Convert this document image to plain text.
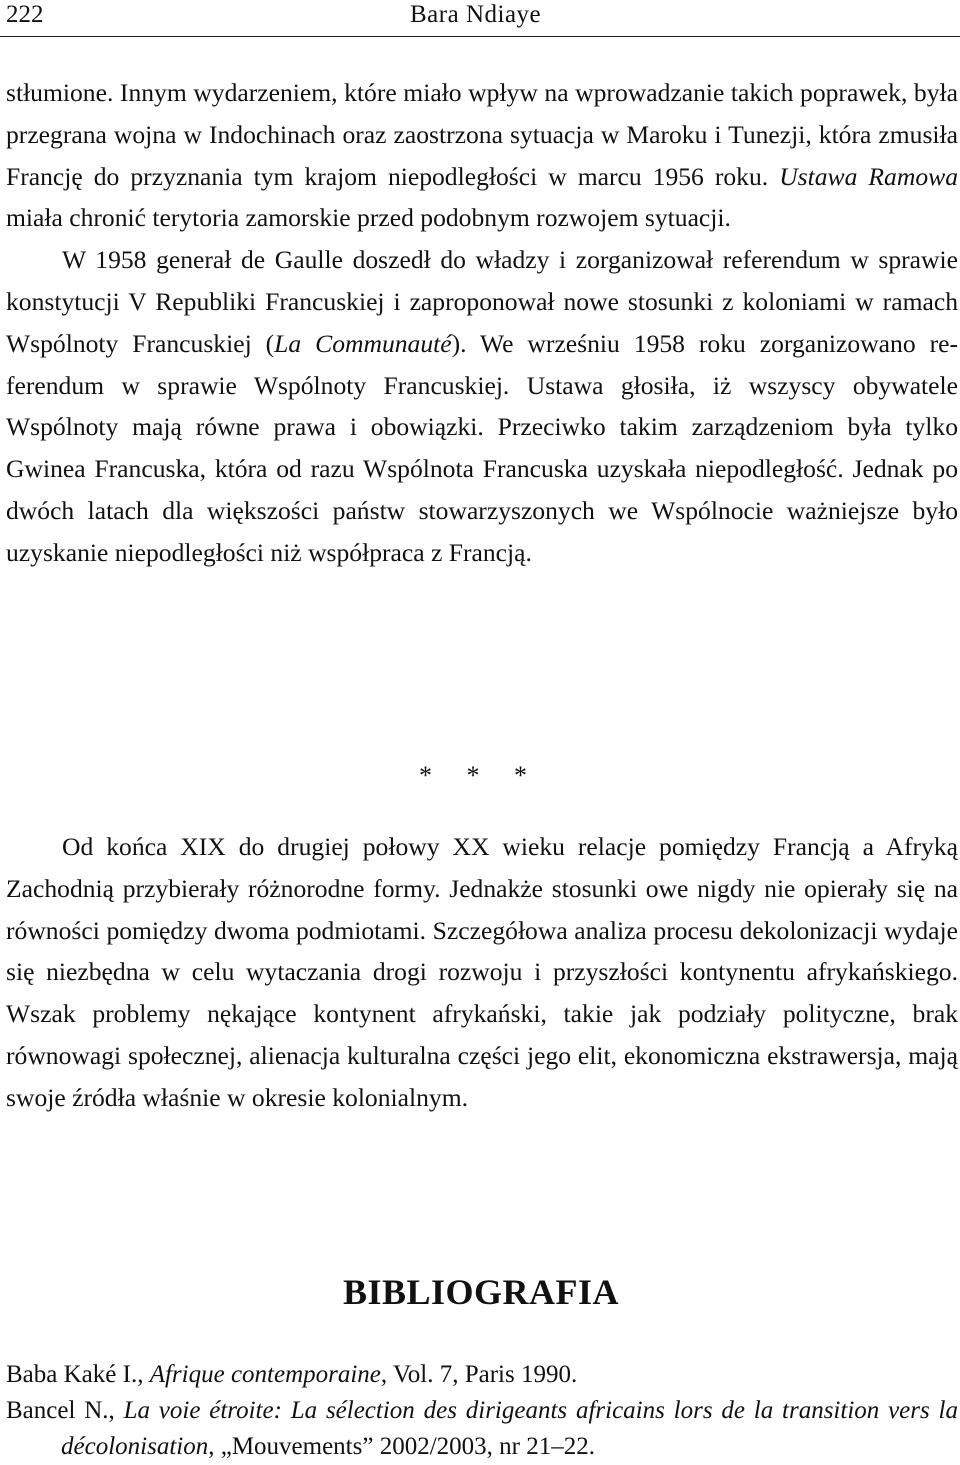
222	Bara Ndiaye

stłumione. Innym wydarzeniem, które miało wpływ na wprowadzanie takich poprawek, była przegrana wojna w Indochinach oraz zaostrzona sytuacja w Maroku i Tunezji, która zmusiła Francję do przyznania tym krajom niepodległości w marcu 1956 roku. Ustawa Ramowa miała chronić terytoria zamorskie przed podobnym rozwojem sytuacji.

W 1958 generał de Gaulle doszedł do władzy i zorganizował referendum w sprawie konstytucji V Republiki Francuskiej i zaproponował nowe stosunki z koloniami w ramach Wspólnoty Francuskiej (La Communauté). We wrześniu 1958 roku zorganizowano referendum w sprawie Wspólnoty Francuskiej. Ustawa głosiła, iż wszyscy obywatele Wspólnoty mają równe prawa i obowiązki. Przeciwko takim zarządzeniom była tylko Gwinea Francuska, która od razu Wspólnota Francuska uzyskała niepodległość. Jednak po dwóch latach dla większości państw stowarzyszonych we Wspólnocie ważniejsze było uzyskanie niepodległości niż współpraca z Francją.

* * *

Od końca XIX do drugiej połowy XX wieku relacje pomiędzy Francją a Afryką Zachodnią przybierały różnorodne formy. Jednakże stosunki owe nigdy nie opierały się na równości pomiędzy dwoma podmiotami. Szczegółowa analiza procesu dekolonizacji wydaje się niezbędna w celu wytaczania drogi rozwoju i przyszłości kontynentu afrykańskiego. Wszak problemy nękające kontynent afrykański, takie jak podziały polityczne, brak równowagi społecznej, alienacja kulturalna części jego elit, ekonomiczna ekstrawersja, mają swoje źródła właśnie w okresie kolonialnym.

BIBLIOGRAFIA

Baba Kaké I., Afrique contemporaine, Vol. 7, Paris 1990.

Bancel N., La voie étroite: La sélection des dirigeants africains lors de la transition vers la décolonisation, „Mouvements” 2002/2003, nr 21–22.
